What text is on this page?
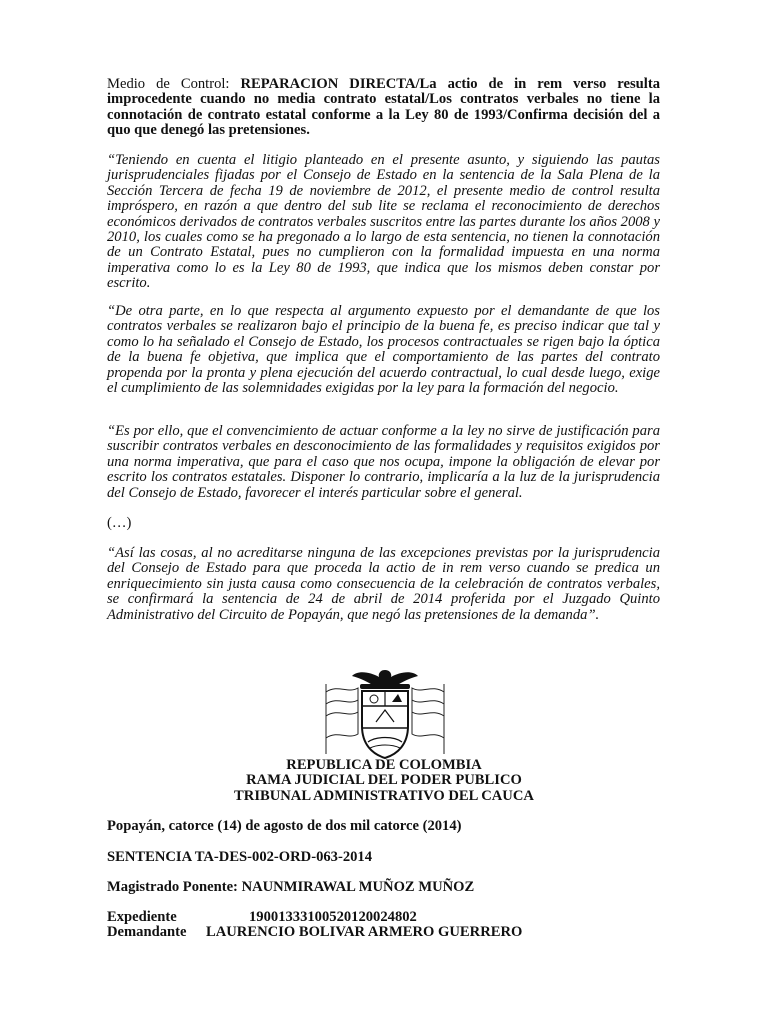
Medio de Control: REPARACION DIRECTA/La actio de in rem verso resulta improcedente cuando no media contrato estatal/Los contratos verbales no tiene la connotación de contrato estatal conforme a la Ley 80 de 1993/Confirma decisión del a quo que denegó las pretensiones.

“Teniendo en cuenta el litigio planteado en el presente asunto, y siguiendo las pautas jurisprudenciales fijadas por el Consejo de Estado en la sentencia de la Sala Plena de la Sección Tercera de fecha 19 de noviembre de 2012, el presente medio de control resulta imprósperо, en razón a que dentro del sub lite se reclama el reconocimiento de derechos económicos derivados de contratos verbales suscritos entre las partes durante los años 2008 y 2010, los cuales como se ha pregonado a lo largo de esta sentencia, no tienen la connotación de un Contrato Estatal, pues no cumplieron con la formalidad impuesta en una norma imperativa como lo es la Ley 80 de 1993, que indica que los mismos deben constar por escrito.

“De otra parte, en lo que respecta al argumento expuesto por el demandante de que los contratos verbales se realizaron bajo el principio de la buena fe, es preciso indicar que tal y como lo ha señalado el Consejo de Estado, los procesos contractuales se rigen bajo la óptica de la buena fe objetiva, que implica que el comportamiento de las partes del contrato propenda por la pronta y plena ejecución del acuerdo contractual, lo cual desde luego, exige el cumplimiento de las solemnidades exigidas por la ley para la formación del negocio.

“Es por ello, que el convencimiento de actuar conforme a la ley no sirve de justificación para suscribir contratos verbales en desconocimiento de las formalidades y requisitos exigidos por una norma imperativa, que para el caso que nos ocupa, impone la obligación de elevar por escrito los contratos estatales. Disponer lo contrario, implicaría a la luz de la jurisprudencia del Consejo de Estado, favorecer el interés particular sobre el general.

(…)

“Así las cosas, al no acreditarse ninguna de las excepciones previstas por la jurisprudencia del Consejo de Estado para que proceda la actio de in rem verso cuando se predica un enriquecimiento sin justa causa como consecuencia de la celebración de contratos verbales, se confirmará la sentencia de 24 de abril de 2014 proferida por el Juzgado Quinto Administrativo del Circuito de Popayán, que negó las pretensiones de la demanda”.

REPUBLICA DE COLOMBIA

RAMA JUDICIAL DEL PODER PUBLICO

TRIBUNAL ADMINISTRATIVO DEL CAUCA

Popayán, catorce (14) de agosto de dos mil catorce (2014)

SENTENCIA TA-DES-002-ORD-063-2014

Magistrado Ponente: NAUNMIRAWAL MUÑOZ MUÑOZ

Expediente	19001333100520120024802

Demandante LAURENCIO BOLIVAR ARMERO GUERRERO
